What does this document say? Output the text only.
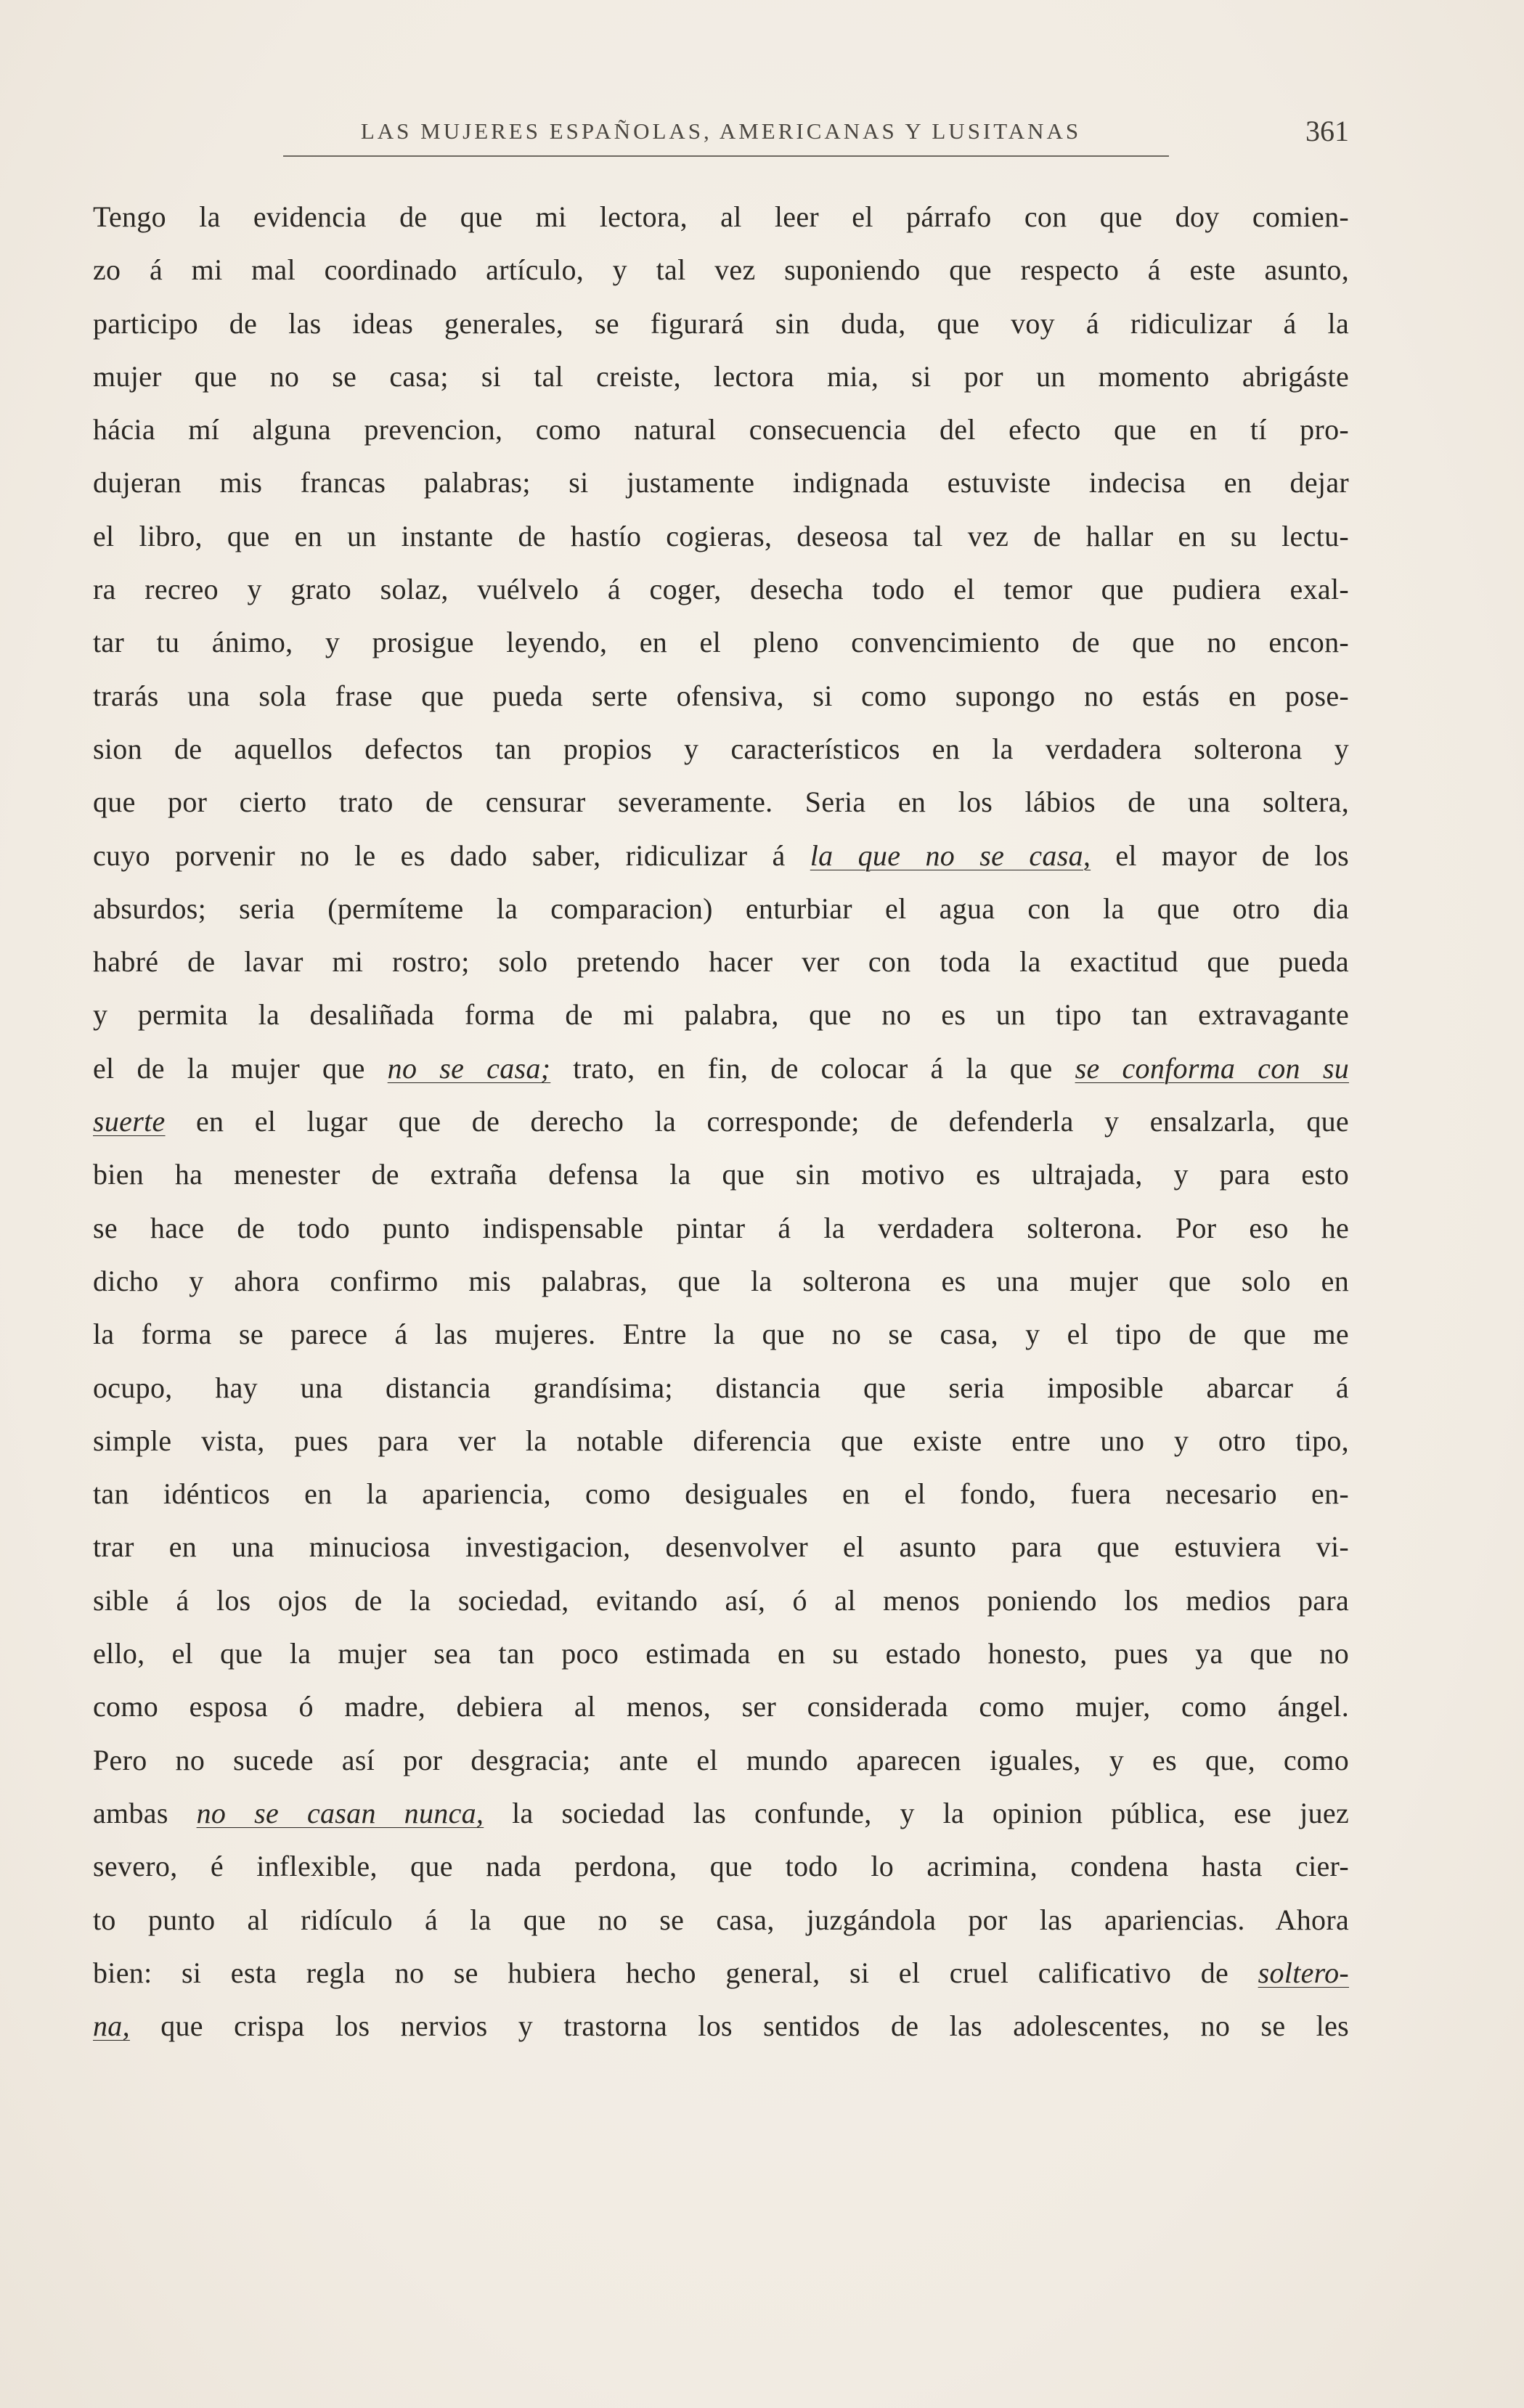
LAS MUJERES ESPAÑOLAS, AMERICANAS Y LUSITANAS	361
Tengo la evidencia de que mi lectora, al leer el párrafo con que doy comien-
zo á mi mal coordinado artículo, y tal vez suponiendo que respecto á este asunto,
participo de las ideas generales, se figurará sin duda, que voy á ridiculizar á la
mujer que no se casa; si tal creiste, lectora mia, si por un momento abrigáste
hácia mí alguna prevencion, como natural consecuencia del efecto que en tí pro-
dujeran mis francas palabras; si justamente indignada estuviste indecisa en dejar
el libro, que en un instante de hastío cogieras, deseosa tal vez de hallar en su lectu-
ra recreo y grato solaz, vuélvelo á coger, desecha todo el temor que pudiera exal-
tar tu ánimo, y prosigue leyendo, en el pleno convencimiento de que no encon-
trarás una sola frase que pueda serte ofensiva, si como supongo no estás en pose-
sion de aquellos defectos tan propios y característicos en la verdadera solterona y
que por cierto trato de censurar severamente. Seria en los lábios de una soltera,
cuyo porvenir no le es dado saber, ridiculizar á la que no se casa, el mayor de los
absurdos; seria (permíteme la comparacion) enturbiar el agua con la que otro dia
habré de lavar mi rostro; solo pretendo hacer ver con toda la exactitud que pueda
y permita la desaliñada forma de mi palabra, que no es un tipo tan extravagante
el de la mujer que no se casa; trato, en fin, de colocar á la que se conforma con su
suerte en el lugar que de derecho la corresponde; de defenderla y ensalzarla, que
bien ha menester de extraña defensa la que sin motivo es ultrajada, y para esto
se hace de todo punto indispensable pintar á la verdadera solterona. Por eso he
dicho y ahora confirmo mis palabras, que la solterona es una mujer que solo en
la forma se parece á las mujeres. Entre la que no se casa, y el tipo de que me
ocupo, hay una distancia grandísima; distancia que seria imposible abarcar á
simple vista, pues para ver la notable diferencia que existe entre uno y otro tipo,
tan idénticos en la apariencia, como desiguales en el fondo, fuera necesario en-
trar en una minuciosa investigacion, desenvolver el asunto para que estuviera vi-
sible á los ojos de la sociedad, evitando así, ó al menos poniendo los medios para
ello, el que la mujer sea tan poco estimada en su estado honesto, pues ya que no
como esposa ó madre, debiera al menos, ser considerada como mujer, como ángel.
Pero no sucede así por desgracia; ante el mundo aparecen iguales, y es que, como
ambas no se casan nunca, la sociedad las confunde, y la opinion pública, ese juez
severo, é inflexible, que nada perdona, que todo lo acrimina, condena hasta cier-
to punto al ridículo á la que no se casa, juzgándola por las apariencias. Ahora
bien: si esta regla no se hubiera hecho general, si el cruel calificativo de soltero-
na, que crispa los nervios y trastorna los sentidos de las adolescentes, no se les
